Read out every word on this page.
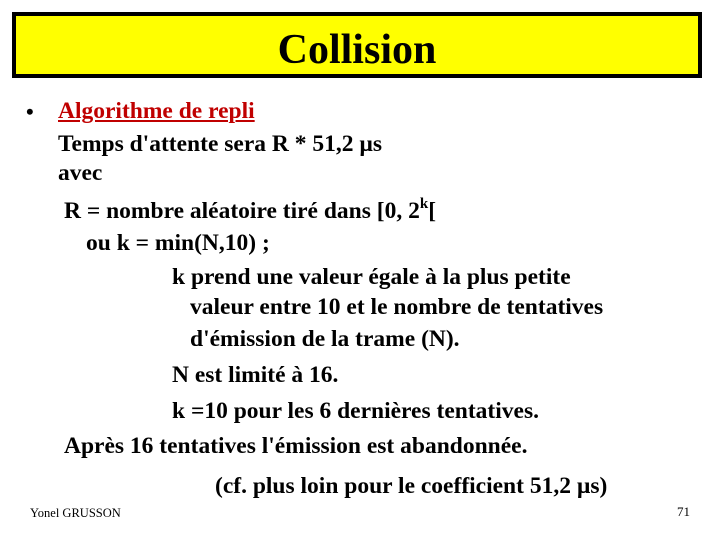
Collision
• Algorithme de repli
Temps d'attente sera R * 51,2 µs
avec
R = nombre aléatoire tiré dans [0, 2$^k$[
ou k = min(N,10) ;
k prend une valeur égale à la plus petite
valeur entre 10 et le nombre de tentatives
d'émission de la trame (N).
N est limité à 16.
k =10 pour les 6 dernières tentatives.
Après 16 tentatives l'émission est abandonnée.
(cf. plus loin pour le coefficient 51,2 µs)
Yonel GRUSSON	71
